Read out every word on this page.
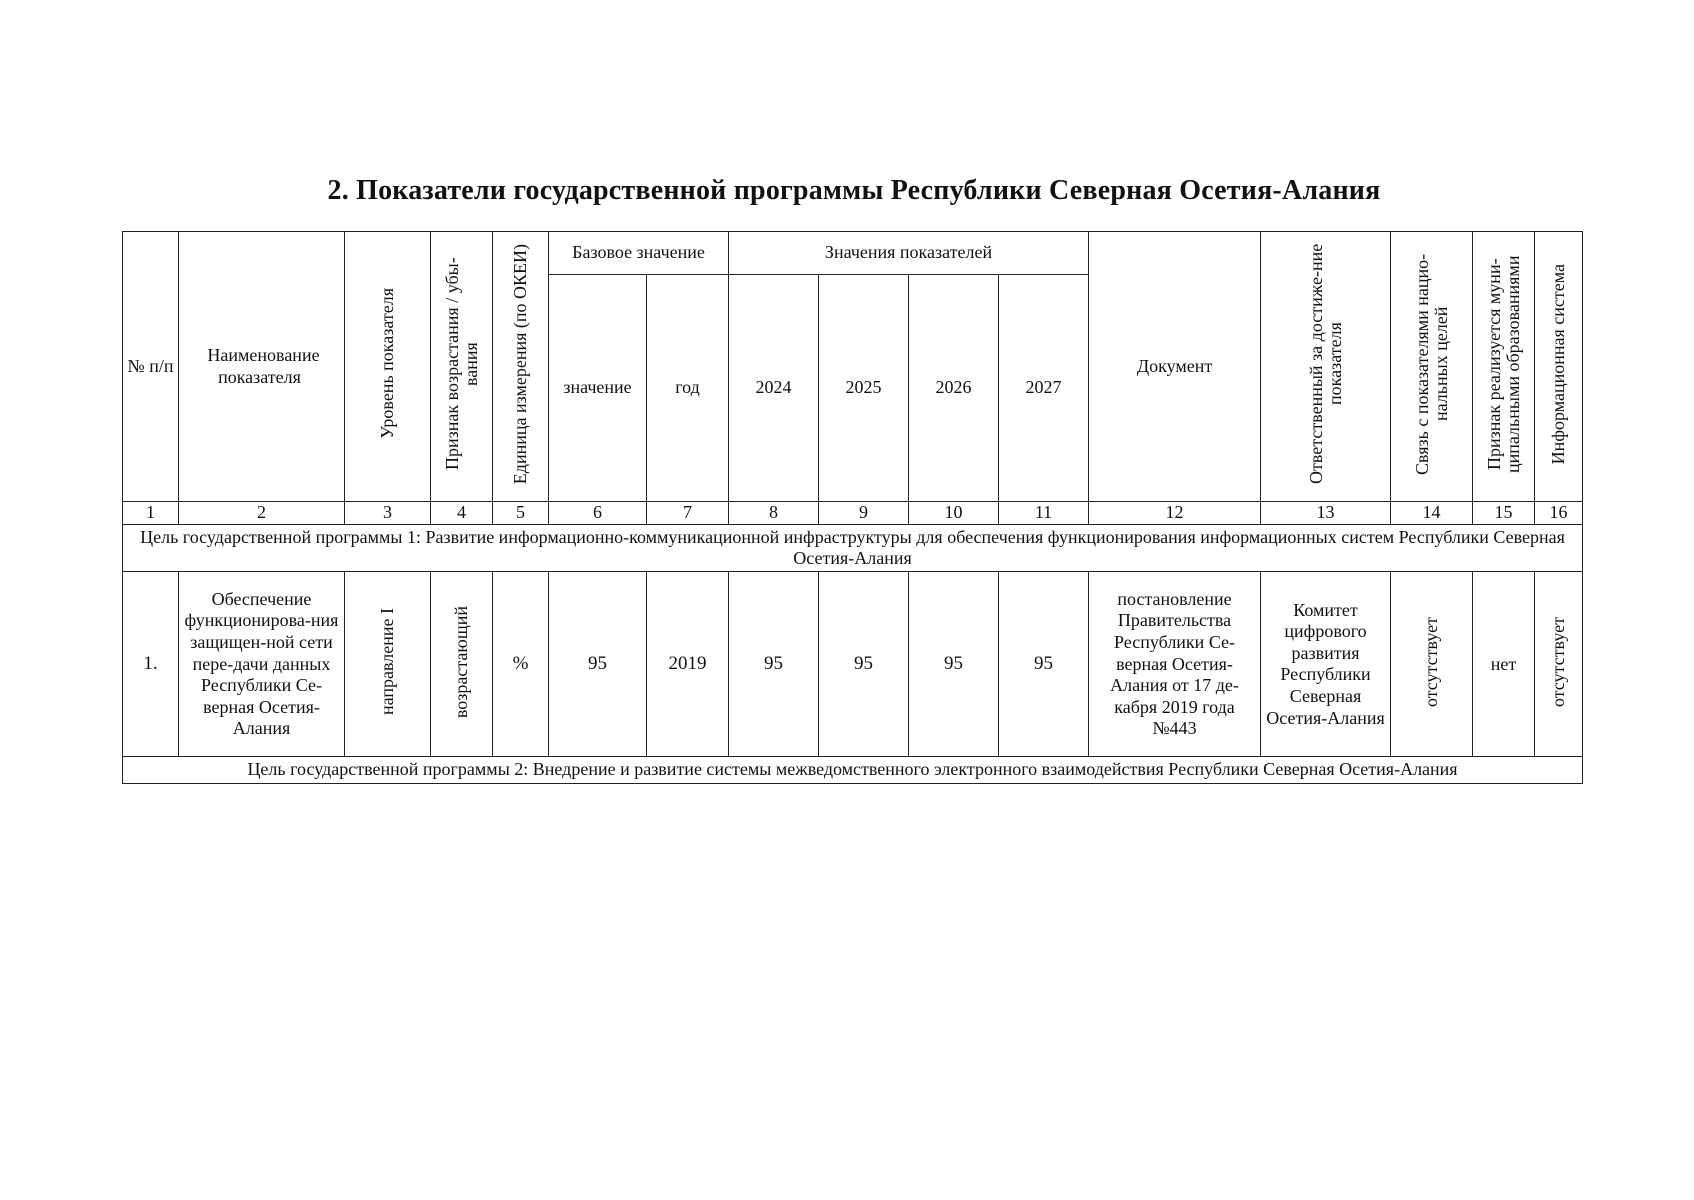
2. Показатели государственной программы Республики Северная Осетия-Алания
№ п/п	Наименование показателя	Уровень показателя	Признак возрастания / убы-вания	Единица измерения (по ОКЕИ)	Базовое значение		Значения показателей				Документ	Ответственный за достиже-ние показателя	Связь с показателями нацио-нальных целей	Признак реализуется муни-ципальными образованиями	Информационная система
					значение	год	2024	2025	2026	2027					
1	2	3	4	5	6	7	8	9	10	11	12	13	14	15	16
Цель государственной программы 1: Развитие информационно-коммуникационной инфраструктуры для обеспечения функционирования информационных систем Республики Северная Осетия-Алания															
1.	Обеспечение функционирова-ния защищен-ной сети пере-дачи данных Республики Се-верная Осетия-Алания	направление I	возрастающий	%	95	2019	95	95	95	95	постановление Правительства Республики Се-верная Осетия-Алания от 17 де-кабря 2019 года №443	Комитет цифрового развития Республики Северная Осетия-Алания	отсутствует	нет	отсутствует
Цель государственной программы 2: Внедрение и развитие системы межведомственного электронного взаимодействия Республики Северная Осетия-Алания															
